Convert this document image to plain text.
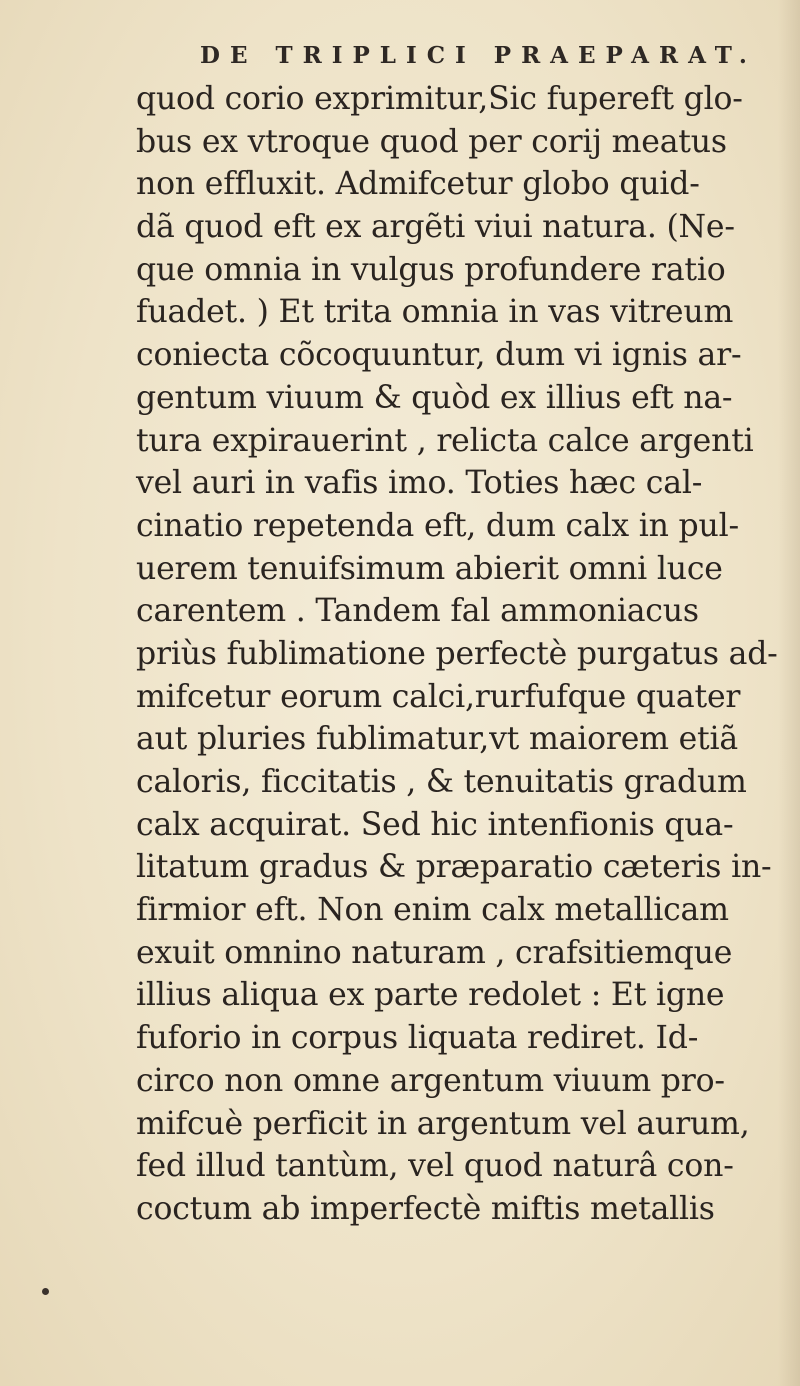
DE TRIPLICI PRAEPARAT.
quod corio exprimitur,Sic fupereft glo-
bus ex vtroque quod per corij meatus
non effluxit. Admifcetur globo quid-
dã quod eft ex argẽti viui natura. (Ne-
que omnia in vulgus profundere ratio
fuadet. ) Et trita omnia in vas vitreum
coniecta cõcoquuntur, dum vi ignis ar-
gentum viuum & quòd ex illius eft na-
tura expirauerint , relicta calce argenti
vel auri in vafis imo. Toties hæc cal-
cinatio repetenda eft, dum calx in pul-
uerem tenuifsimum abierit omni luce
carentem . Tandem fal ammoniacus
priùs fublimatione perfectè purgatus ad-
mifcetur eorum calci,rurfufque quater
aut pluries fublimatur,vt maiorem etiã
caloris, ficcitatis , & tenuitatis gradum
calx acquirat. Sed hic intenfionis qua-
litatum gradus & præparatio cæteris in-
firmior eft. Non enim calx metallicam
exuit omnino naturam , crafsitiemque
illius aliqua ex parte redolet : Et igne
fuforio in corpus liquata rediret. Id-
circo non omne argentum viuum pro-
mifcuè perficit in argentum vel aurum,
fed illud tantùm, vel quod naturâ con-
coctum ab imperfectè miftis metallis
